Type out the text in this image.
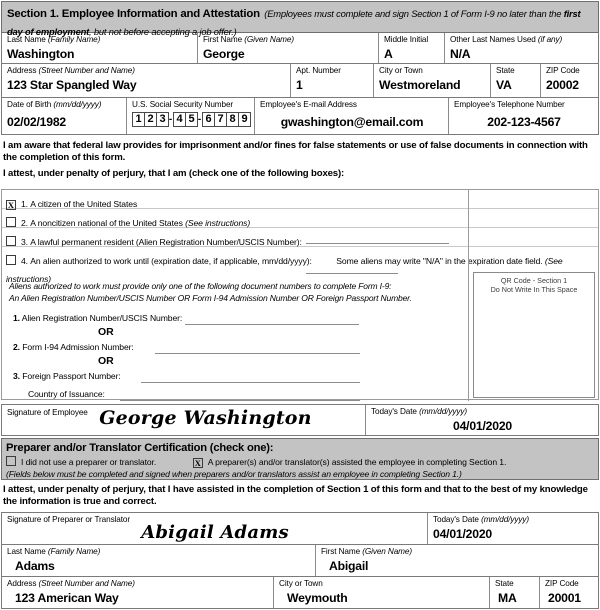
Section 1. Employee Information and Attestation (Employees must complete and sign Section 1 of Form I-9 no later than the first day of employment, but not before accepting a job offer.)
Last Name (Family Name)
Washington
First Name (Given Name)
George
Middle Initial
A
Other Last Names Used (if any)
N/A
Address (Street Number and Name)
123 Star Spangled Way
Apt. Number
1
City or Town
Westmoreland
State
VA
ZIP Code
20002
Date of Birth (mm/dd/yyyy)
02/02/1982
U.S. Social Security Number
1 2 3 - 4 5 - 6 7 8 9
Employee's E-mail Address
gwashington@email.com
Employee's Telephone Number
202-123-4567
I am aware that federal law provides for imprisonment and/or fines for false statements or use of false documents in connection with the completion of this form.
I attest, under penalty of perjury, that I am (check one of the following boxes):
X 1. A citizen of the United States
2. A noncitizen national of the United States (See instructions)
3. A lawful permanent resident (Alien Registration Number/USCIS Number):
4. An alien authorized to work until (expiration date, if applicable, mm/dd/yyyy):	Some aliens may write "N/A" in the expiration date field. (See instructions)
Aliens authorized to work must provide only one of the following document numbers to complete Form I-9:
An Alien Registration Number/USCIS Number OR Form I-94 Admission Number OR Foreign Passport Number.
1. Alien Registration Number/USCIS Number:
OR
2. Form I-94 Admission Number:
OR
3. Foreign Passport Number:
Country of Issuance:
QR Code - Section 1
Do Not Write In This Space
Signature of Employee George Washington	Today's Date (mm/dd/yyyy)
04/01/2020
Preparer and/or Translator Certification (check one):
I did not use a preparer or translator.	X A preparer(s) and/or translator(s) assisted the employee in completing Section 1.
(Fields below must be completed and signed when preparers and/or translators assist an employee in completing Section 1.)
I attest, under penalty of perjury, that I have assisted in the completion of Section 1 of this form and that to the best of my knowledge the information is true and correct.
Signature of Preparer or Translator
Abigail Adams
Today's Date (mm/dd/yyyy)
04/01/2020
Last Name (Family Name)
Adams
First Name (Given Name)
Abigail
Address (Street Number and Name)
123 American Way
City or Town
Weymouth
State
MA
ZIP Code
20001
